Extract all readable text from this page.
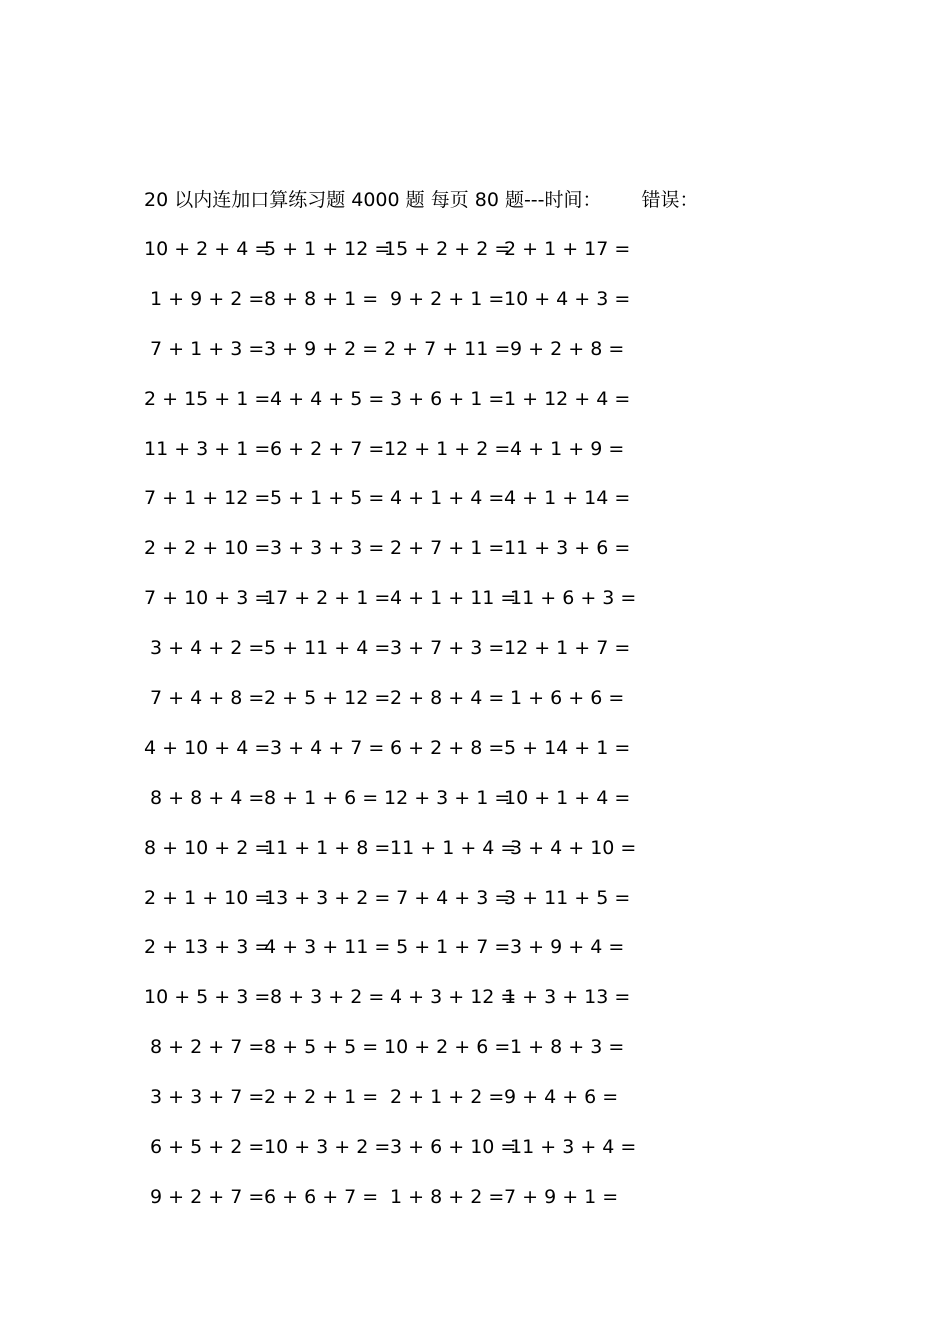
20 以内连加口算练习题 4000 题 每页 80 题---时间： 错误：
10 + 2 + 4 =
5 + 1 + 12 =
15 + 2 + 2 =
2 + 1 + 17 =
1 + 9 + 2 = 8 + 8 + 1 = 9 + 2 + 1 = 10 + 4 + 3 =
7 + 1 + 3 = 3 + 9 + 2 = 2 + 7 + 11 =
9 + 2 + 8 =
2 + 15 + 1 =
4 + 4 + 5 = 3 + 6 + 1 = 1 + 12 + 4 =
11 + 3 + 1 =
6 + 2 + 7 = 12 + 1 + 2 =
4 + 1 + 9 =
7 + 1 + 12 =
5 + 1 + 5 = 4 + 1 + 4 = 4 + 1 + 14 =
2 + 2 + 10 =
3 + 3 + 3 = 2 + 7 + 1 = 11 + 3 + 6 =
7 + 10 + 3 =
17 + 2 + 1 =
4 + 1 + 11 =
11 + 6 + 3 =
3 + 4 + 2 = 5 + 11 + 4 =
3 + 7 + 3 = 12 + 1 + 7 =
7 + 4 + 8 = 2 + 5 + 12 =
2 + 8 + 4 = 1 + 6 + 6 =
4 + 10 + 4 =
3 + 4 + 7 = 6 + 2 + 8 = 5 + 14 + 1 =
8 + 8 + 4 = 8 + 1 + 6 = 12 + 3 + 1 =
10 + 1 + 4 =
8 + 10 + 2 =
11 + 1 + 8 =
11 + 1 + 4 =
3 + 4 + 10 =
2 + 1 + 10 =
13 + 3 + 2 =
7 + 4 + 3 =
3 + 11 + 5 =
2 + 13 + 3 =
4 + 3 + 11 =
5 + 1 + 7 =
3 + 9 + 4 =
10 + 5 + 3 =
8 + 3 + 2 = 4 + 3 + 12 =
1 + 3 + 13 =
8 + 2 + 7 = 8 + 5 + 5 = 10 + 2 + 6 =
1 + 8 + 3 =
3 + 3 + 7 = 2 + 2 + 1 = 2 + 1 + 2 = 9 + 4 + 6 =
6 + 5 + 2 = 10 + 3 + 2 =
3 + 6 + 10 =
11 + 3 + 4 =
9 + 2 + 7 = 6 + 6 + 7 = 1 + 8 + 2 = 7 + 9 + 1 =
